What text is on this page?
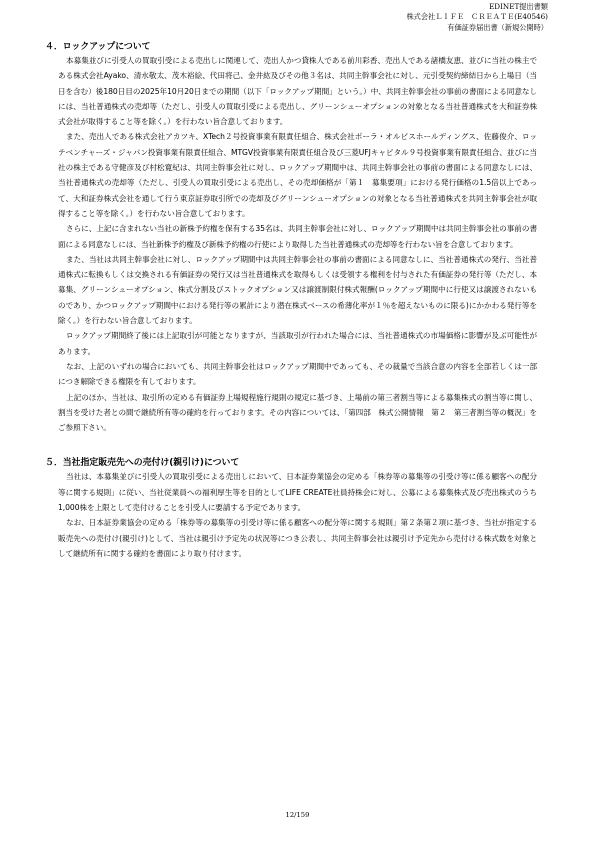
EDINET提出書類
株式会社ＬＩＦＥ　ＣＲＥＡＴＥ(E40546)
有価証券届出書（新規公開時）
４．ロックアップについて

本募集並びに引受人の買取引受による売出しに関連して、売出人かつ貸株人である前川彩香、売出人である諸橋友恵、並びに当社の株主である株式会社Ayako、清水敬太、茂木裕絵、代田将己、金井紘及びその他３名は、共同主幹事会社に対し、元引受契約締結日から上場日（当日を含む）後180日目の2025年10月20日までの期間（以下「ロックアップ期間」という。）中、共同主幹事会社の事前の書面による同意なしには、当社普通株式の売却等（ただし、引受人の買取引受による売出し、グリーンシューオプションの対象となる当社普通株式を大和証券株式会社が取得すること等を除く。）を行わない旨合意しております。

また、売出人である株式会社アカツキ、XTech２号投資事業有限責任組合、株式会社ポーラ・オルビスホールディングス、佐藤俊介、ロッテベンチャーズ・ジャパン投資事業有限責任組合、MTGV投資事業有限責任組合及び三菱UFJキャピタル９号投資事業有限責任組合、並びに当社の株主である守健彦及び村松寛紀は、共同主幹事会社に対し、ロックアップ期間中は、共同主幹事会社の事前の書面による同意なしには、当社普通株式の売却等（ただし、引受人の買取引受による売出し、その売却価格が「第１　募集要項」における発行価格の1.5倍以上であって、大和証券株式会社を通して行う東京証券取引所での売却及びグリーンシューオプションの対象となる当社普通株式を共同主幹事会社が取得すること等を除く。）を行わない旨合意しております。

さらに、上記に含まれない当社の新株予約権を保有する35名は、共同主幹事会社に対し、ロックアップ期間中は共同主幹事会社の事前の書面による同意なしには、当社新株予約権及び新株予約権の行使により取得した当社普通株式の売却等を行わない旨を合意しております。

また、当社は共同主幹事会社に対し、ロックアップ期間中は共同主幹事会社の事前の書面による同意なしに、当社普通株式の発行、当社普通株式に転換もしくは交換される有価証券の発行又は当社普通株式を取得もしくは受領する権利を付与された有価証券の発行等（ただし、本募集、グリーンシューオプション、株式分割及びストックオプション又は譲渡制限付株式報酬(ロックアップ期間中に行使又は譲渡されないものであり、かつロックアップ期間中における発行等の累計により潜在株式ベースの希薄化率が１％を超えないものに限る)にかかわる発行等を除く。）を行わない旨合意しております。

ロックアップ期間終了後には上記取引が可能となりますが、当該取引が行われた場合には、当社普通株式の市場価格に影響が及ぶ可能性があります。

なお、上記のいずれの場合においても、共同主幹事会社はロックアップ期間中であっても、その裁量で当該合意の内容を全部若しくは一部につき解除できる権限を有しております。

上記のほか、当社は、取引所の定める有価証券上場規程施行規則の規定に基づき、上場前の第三者割当等による募集株式の割当等に関し、割当を受けた者との間で継続所有等の確約を行っております。その内容については、「第四部　株式公開情報　第２　第三者割当等の概況」をご参照下さい。

５．当社指定販売先への売付け(親引け)について

当社は、本募集並びに引受人の買取引受による売出しにおいて、日本証券業協会の定める「株券等の募集等の引受け等に係る顧客への配分等に関する規則」に従い、当社従業員への福利厚生等を目的としてLIFE CREATE社員持株会に対し、公募による募集株式及び売出株式のうち1,000株を上限として売付けることを引受人に要請する予定であります。

なお、日本証券業協会の定める「株券等の募集等の引受け等に係る顧客への配分等に関する規則」第２条第２項に基づき、当社が指定する販売先への売付け(親引け)として、当社は親引け予定先の状況等につき公表し、共同主幹事会社は親引け予定先から売付ける株式数を対象として継続所有に関する確約を書面により取り付けます。

12/159
